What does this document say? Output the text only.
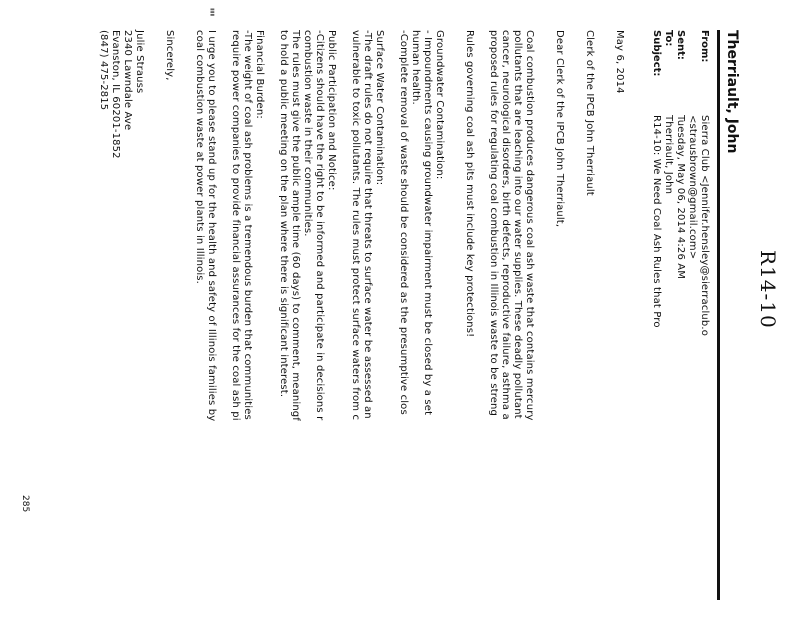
R14-10
Therriault, John
From:
Sierra Club <Jennifer.hensley@sierraclub.o
<strausbrown@gmail.com>
Sent:
Tuesday, May 06, 2014 4:26 AM
To:
Therriault, John
Subject:
R14-10: We Need Coal Ash Rules that Pro
May 6, 2014
Clerk of the IPCB John Therriault
Dear Clerk of the IPCB John Therriault,
Coal combustion produces dangerous coal ash waste that contains mercury
pollutants that are leaching into our water supplies. These deadly pollutant
cancer, neurological disorders, birth defects, reproductive failure, asthma a
proposed rules for regulating coal combustion in Illinois waste to be streng
Rules governing coal ash pits must include key protections!
Groundwater Contamination:
- Impoundments causing groundwater impairment must be closed by a set
human health.
-Complete removal of waste should be considered as the presumptive clos
Surface Water Contamination:
-The draft rules do not require that threats to surface water be assessed an
vulnerable to toxic pollutants. The rules must protect surface waters from c
Public Participation and Notice:
-Citizens should have the right to be informed and participate in decisions r
combustion waste in their communities.
The rules must give the public ample time (60 days) to comment, meaningf
to hold a public meeting on the plan where there is significant interest.
Financial Burden:
-The weight of coal ash problems is a tremendous burden that communities
require power companies to provide financial assurances for the coal ash pi
I urge you to please stand up for the health and safety of Illinois families by
coal combustion waste at power plants in Illinois.
▮▮▮
Sincerely,
Julie Strauss
2340 Lawndale Ave
Evanston, IL 60201-1852
(847) 475-2815
285
